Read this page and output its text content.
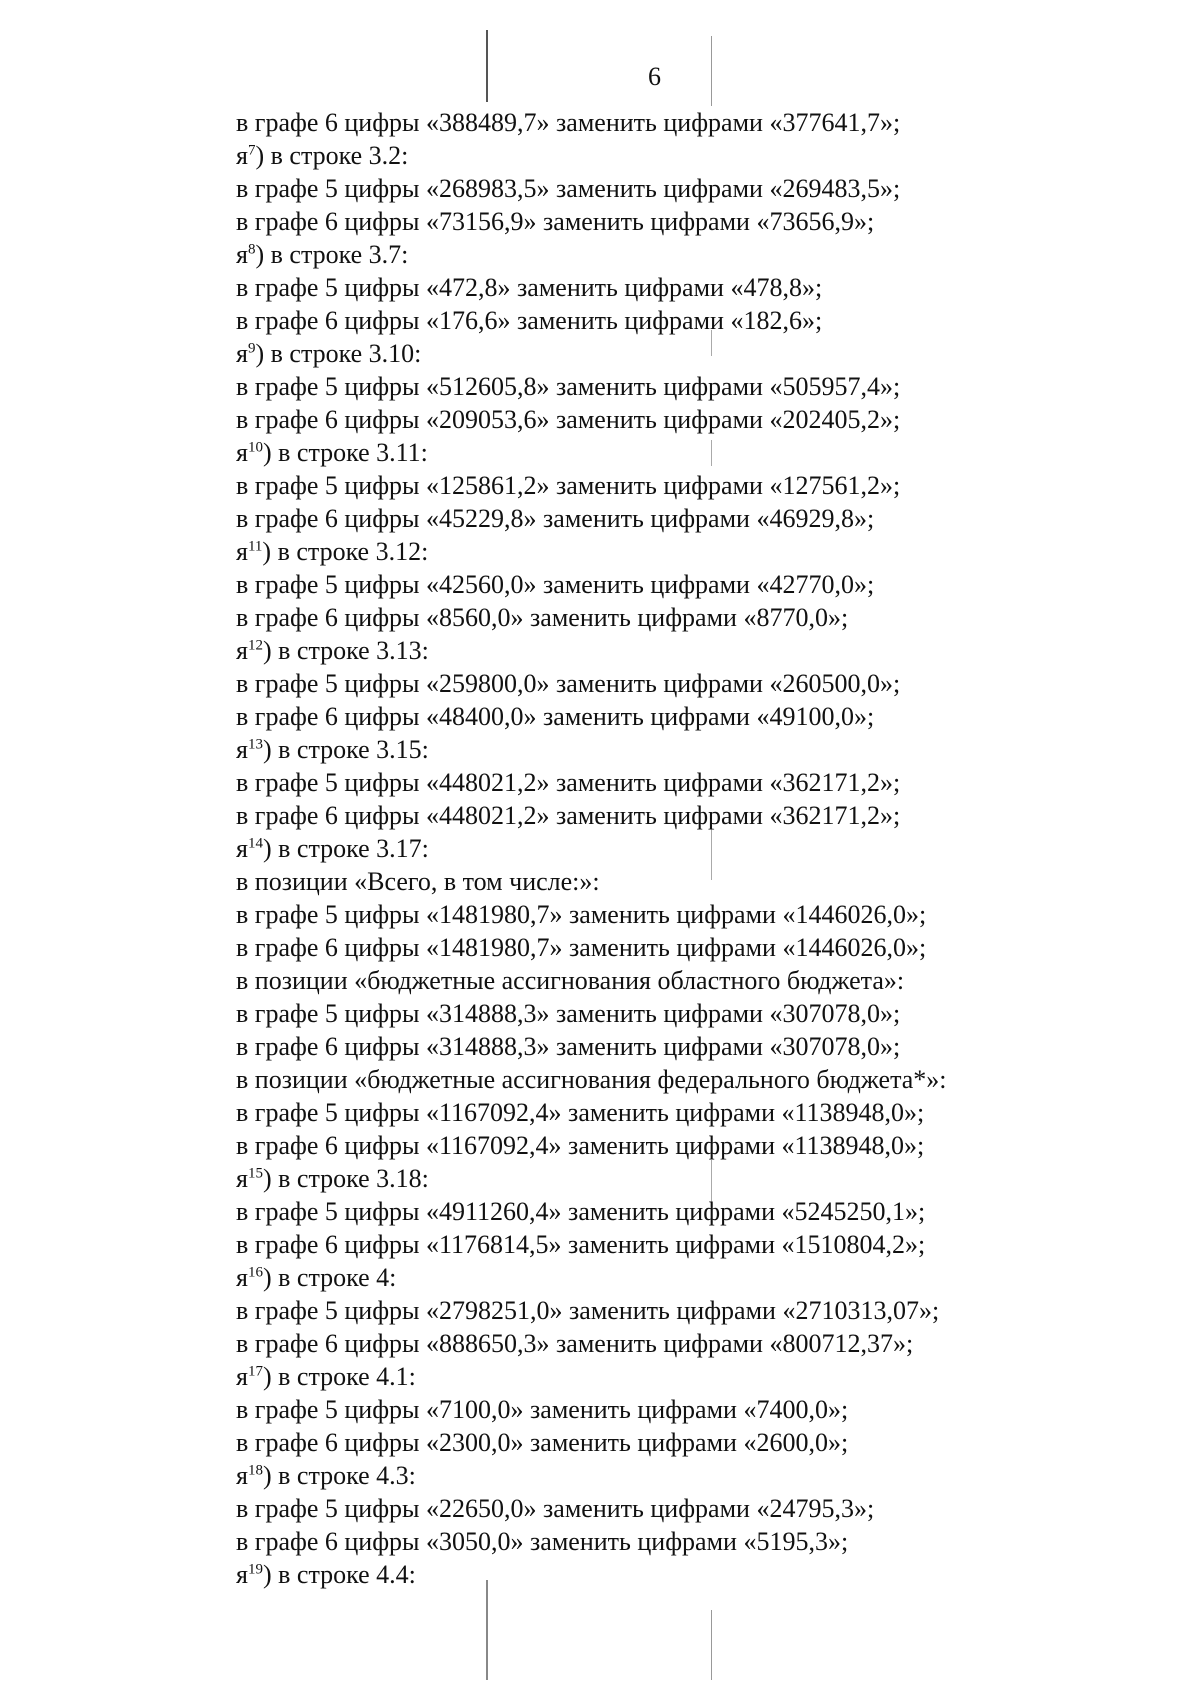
6
в графе 6 цифры «388489,7» заменить цифрами «377641,7»;
$я^7$) в строке 3.2:
в графе 5 цифры «268983,5» заменить цифрами «269483,5»;
в графе 6 цифры «73156,9» заменить цифрами «73656,9»;
$я^8$) в строке 3.7:
в графе 5 цифры «472,8» заменить цифрами «478,8»;
в графе 6 цифры «176,6» заменить цифрами «182,6»;
$я^9$) в строке 3.10:
в графе 5 цифры «512605,8» заменить цифрами «505957,4»;
в графе 6 цифры «209053,6» заменить цифрами «202405,2»;
$я^{10}$) в строке 3.11:
в графе 5 цифры «125861,2» заменить цифрами «127561,2»;
в графе 6 цифры «45229,8» заменить цифрами «46929,8»;
$я^{11}$) в строке 3.12:
в графе 5 цифры «42560,0» заменить цифрами «42770,0»;
в графе 6 цифры «8560,0» заменить цифрами «8770,0»;
$я^{12}$) в строке 3.13:
в графе 5 цифры «259800,0» заменить цифрами «260500,0»;
в графе 6 цифры «48400,0» заменить цифрами «49100,0»;
$я^{13}$) в строке 3.15:
в графе 5 цифры «448021,2» заменить цифрами «362171,2»;
в графе 6 цифры «448021,2» заменить цифрами «362171,2»;
$я^{14}$) в строке 3.17:
в позиции «Всего, в том числе:»:
в графе 5 цифры «1481980,7» заменить цифрами «1446026,0»;
в графе 6 цифры «1481980,7» заменить цифрами «1446026,0»;
в позиции «бюджетные ассигнования областного бюджета»:
в графе 5 цифры «314888,3» заменить цифрами «307078,0»;
в графе 6 цифры «314888,3» заменить цифрами «307078,0»;
в позиции «бюджетные ассигнования федерального бюджета*»:
в графе 5 цифры «1167092,4» заменить цифрами «1138948,0»;
в графе 6 цифры «1167092,4» заменить цифрами «1138948,0»;
$я^{15}$) в строке 3.18:
в графе 5 цифры «4911260,4» заменить цифрами «5245250,1»;
в графе 6 цифры «1176814,5» заменить цифрами «1510804,2»;
$я^{16}$) в строке 4:
в графе 5 цифры «2798251,0» заменить цифрами «2710313,07»;
в графе 6 цифры «888650,3» заменить цифрами «800712,37»;
$я^{17}$) в строке 4.1:
в графе 5 цифры «7100,0» заменить цифрами «7400,0»;
в графе 6 цифры «2300,0» заменить цифрами «2600,0»;
$я^{18}$) в строке 4.3:
в графе 5 цифры «22650,0» заменить цифрами «24795,3»;
в графе 6 цифры «3050,0» заменить цифрами «5195,3»;
$я^{19}$) в строке 4.4:
